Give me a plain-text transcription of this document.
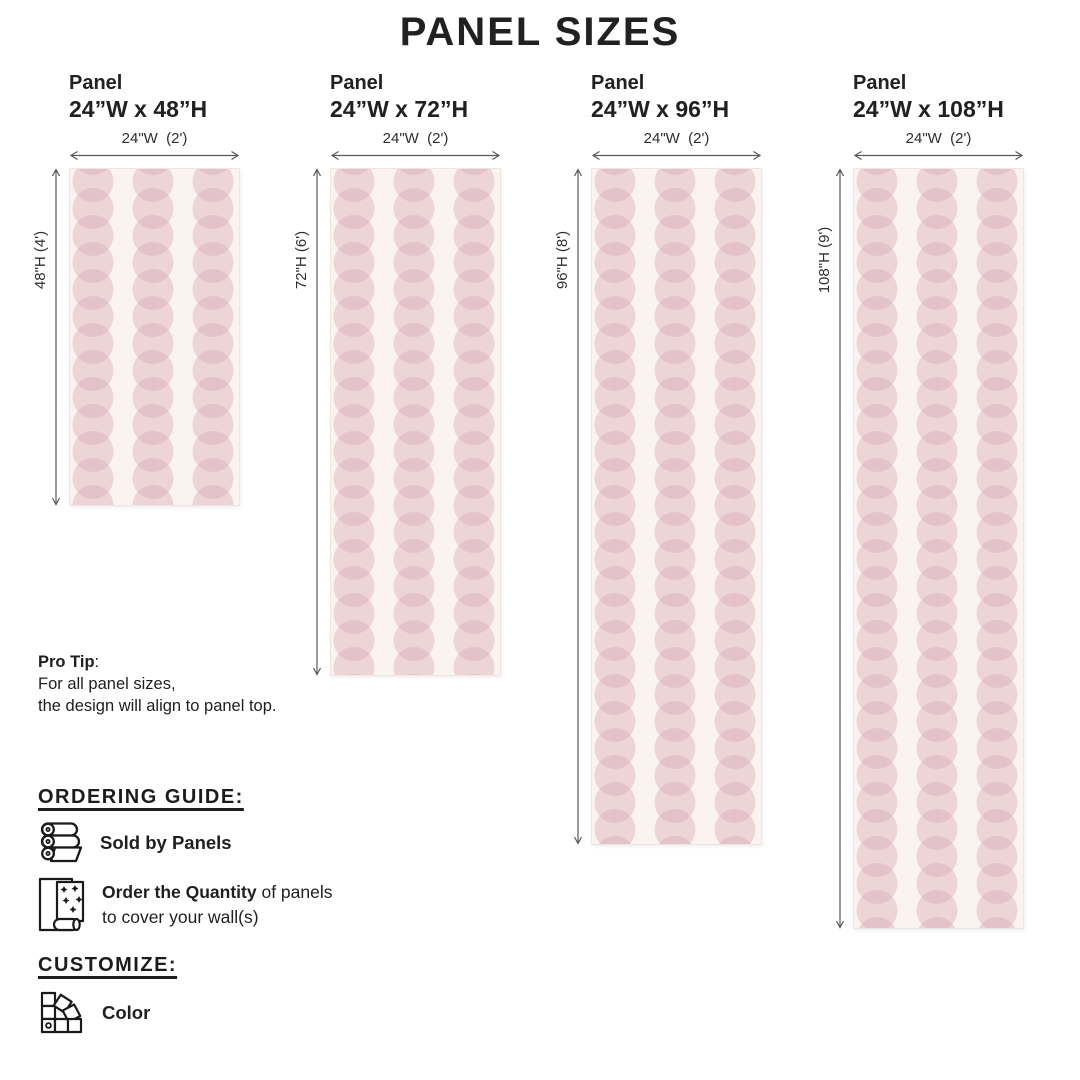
PANEL SIZES
Panel
24”W x 48”H
24"W  (2')
48"H (4')
Panel
24”W x 72”H
24"W  (2')
72"H (6')
Panel
24”W x 96”H
24"W  (2')
96"H (8')
Panel
24”W x 108”H
24"W  (2')
108"H (9')
Pro Tip:
For all panel sizes,
the design will align to panel top.
ORDERING GUIDE:
Sold by Panels
Order the Quantity of panels
to cover your wall(s)
CUSTOMIZE:
Color
